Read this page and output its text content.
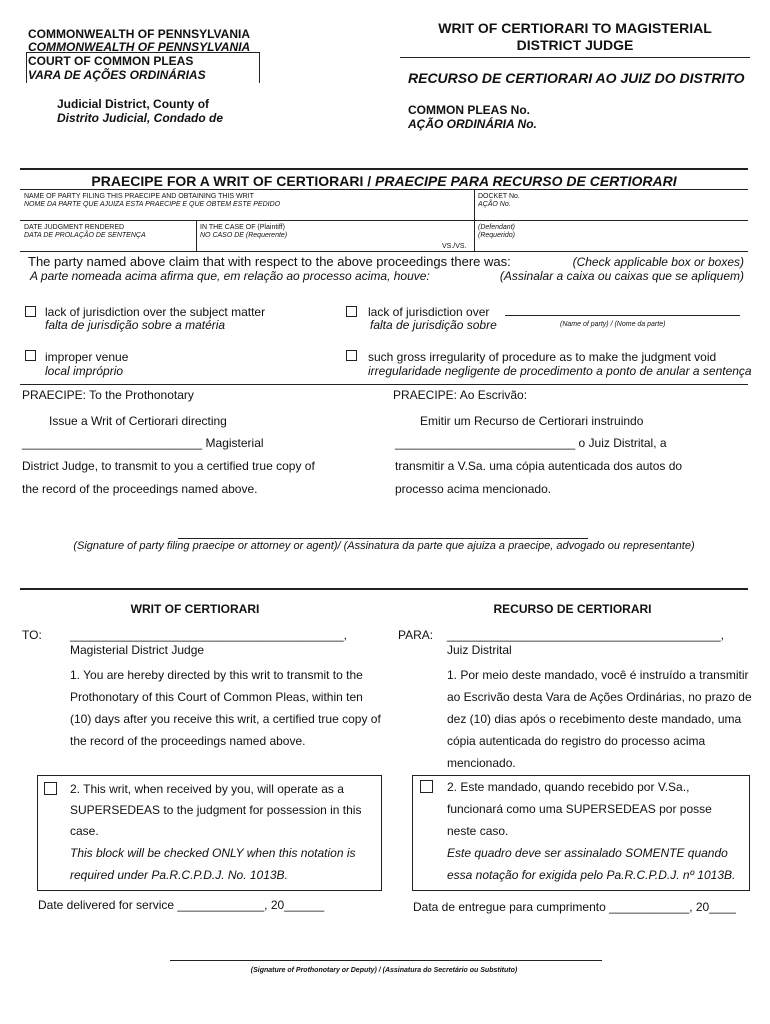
COMMONWEALTH OF PENNSYLVANIA
COMMONWEALTH OF PENNSYLVANIA
COURT OF COMMON PLEAS
VARA DE AÇÕES ORDINÁRIAS
Judicial District, County of
Distrito Judicial, Condado de
WRIT OF CERTIORARI TO MAGISTERIAL
DISTRICT JUDGE
RECURSO DE CERTIORARI AO JUIZ DO DISTRITO
COMMON PLEAS No.
AÇÃO ORDINÁRIA No.
PRAECIPE FOR A WRIT OF CERTIORARI / PRAECIPE PARA RECURSO DE CERTIORARI
NAME OF PARTY FILING THIS PRAECIPE AND OBTAINING THIS WRIT
NOME DA PARTE QUE AJUIZA ESTA PRAECIPE E QUE OBTEM ESTE PEDIDO
DOCKET No.
AÇÃO No.
DATE JUDGMENT RENDERED
DATA DE PROLAÇÃO DE SENTENÇA
IN THE CASE OF (Plaintiff)
NO CASO DE (Requerente)
VS./VS.
(Defendant)
(Requerido)
The party named above claim that with respect to the above proceedings there was:
A parte nomeada acima afirma que, em relação ao processo acima, houve:
(Check applicable box or boxes)
(Assinalar a caixa ou caixas que se apliquem)
lack of jurisdiction over the subject matter
falta de jurisdição sobre a matéria
lack of jurisdiction over
falta de jurisdição sobre	(Name of party) / (Nome da parte)
improper venue
local impróprio
such gross irregularity of procedure as to make the judgment void
irregularidade negligente de procedimento a ponto de anular a sentença
PRAECIPE: To the Prothonotary	PRAECIPE: Ao Escrivão:
Issue a Writ of Certiorari directing	Emitir um Recurso de Certiorari instruindo
___________________________ Magisterial	___________________________ o Juiz Distrital, a
District Judge, to transmit to you a certified true copy of	transmitir a V.Sa. uma cópia autenticada dos autos do
the record of the proceedings named above.	processo acima mencionado.
(Signature of party filing praecipe or attorney or agent)/ (Assinatura da parte que ajuiza a praecipe, advogado ou representante)
WRIT OF CERTIORARI	RECURSO DE CERTIORARI
TO: _________________________________________,	PARA: _________________________________________,
Magisterial District Judge	Juiz Distrital
1. You are hereby directed by this writ to transmit to the
Prothonotary of this Court of Common Pleas, within ten
(10) days after you receive this writ, a certified true copy of
the record of the proceedings named above.
1. Por meio deste mandado, você é instruído a transmitir
ao Escrivão desta Vara de Ações Ordinárias, no prazo de
dez (10) dias após o recebimento deste mandado, uma
cópia autenticada do registro do processo acima
mencionado.
2. This writ, when received by you, will operate as a
SUPERSEDEAS to the judgment for possession in this
case.
This block will be checked ONLY when this notation is
required under Pa.R.C.P.D.J. No. 1013B.
2. Este mandado, quando recebido por V.Sa.,
funcionará como uma SUPERSEDEAS por posse
neste caso.
Este quadro deve ser assinalado SOMENTE quando
essa notação for exigida pelo Pa.R.C.P.D.J. nº 1013B.
Date delivered for service _____________, 20______	Data de entregue para cumprimento ____________, 20____
(Signature of Prothonotary or Deputy) / (Assinatura do Secretário ou Substituto)
